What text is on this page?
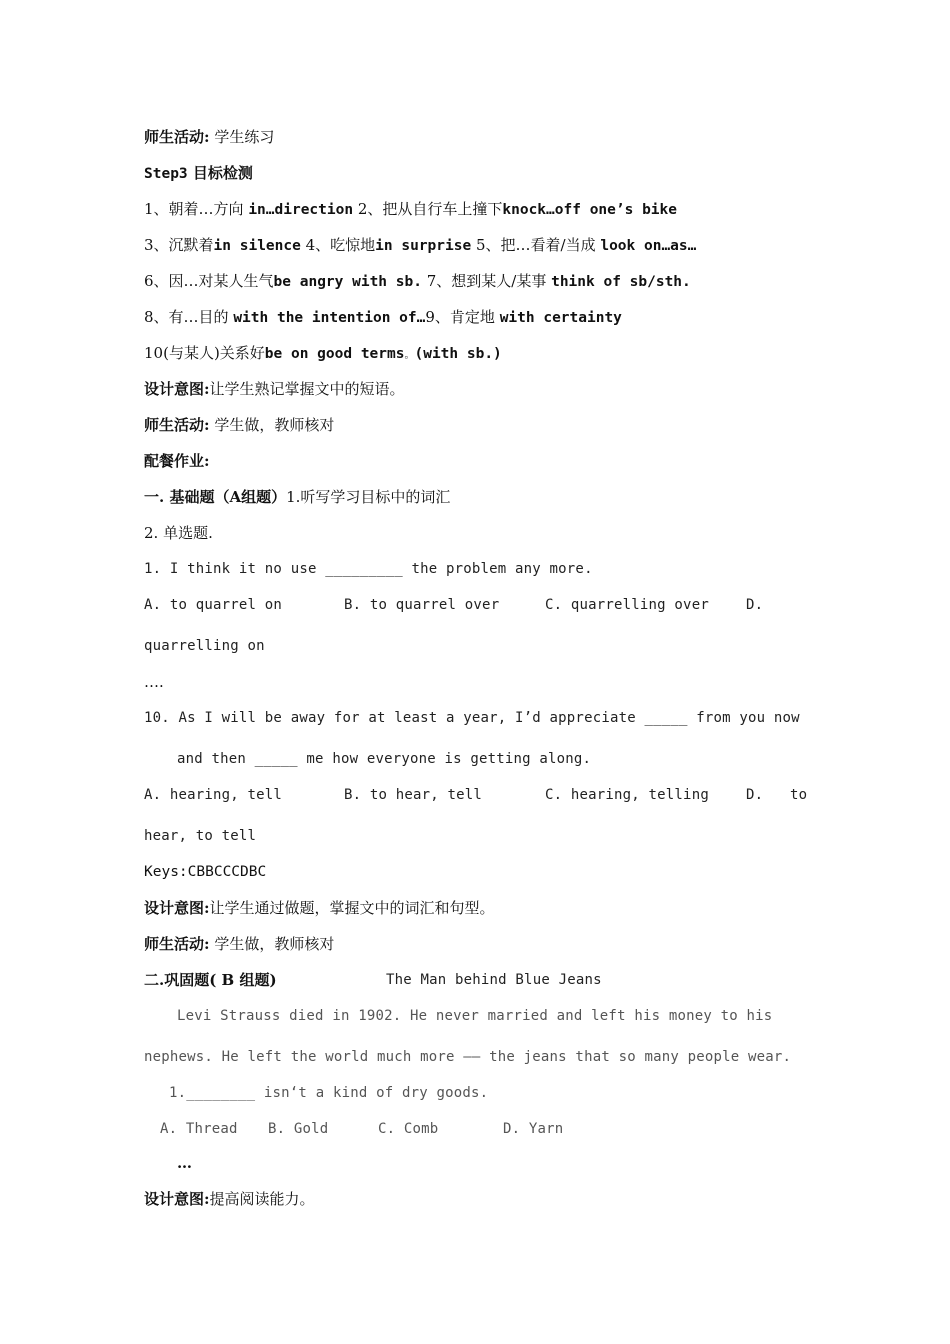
师生活动: 学生练习
Step3 目标检测
1、朝着…方向 in…direction 2、把从自行车上撞下knock…off one’s bike
3、沉默着in silence 4、吃惊地in surprise 5、把…看着/当成 look on…as…
6、因…对某人生气be angry with sb. 7、想到某人/某事 think of sb/sth.
8、有…目的 with the intention of…9、肯定地 with certainty
10(与某人)关系好be on good terms。(with sb.)
设计意图:让学生熟记掌握文中的短语。
师生活动: 学生做，教师核对
配餐作业:
一. 基础题（A组题）1.听写学习目标中的词汇
2. 单选题.
1. I think it no use _________ the problem any more.
A. to quarrel on	B. to quarrel over	C. quarrelling over	D.
quarrelling on
….
10. As I will be away for at least a year, I’d appreciate _____ from you now
and then _____ me how everyone is getting along.
A. hearing, tell	B. to hear, tell	C. hearing, telling	D. to
hear, to tell
Keys:CBBCCCDBC
设计意图:让学生通过做题，掌握文中的词汇和句型。
师生活动: 学生做，教师核对
二.巩固题( B 组题)	The Man behind Blue Jeans
Levi Strauss died in 1902. He never married and left his money to his
nephews. He left the world much more —— the jeans that so many people wear.
1.________ isn‘t a kind of dry goods.
A. Thread B. Gold	C. Comb	D. Yarn
…
设计意图:提高阅读能力。
